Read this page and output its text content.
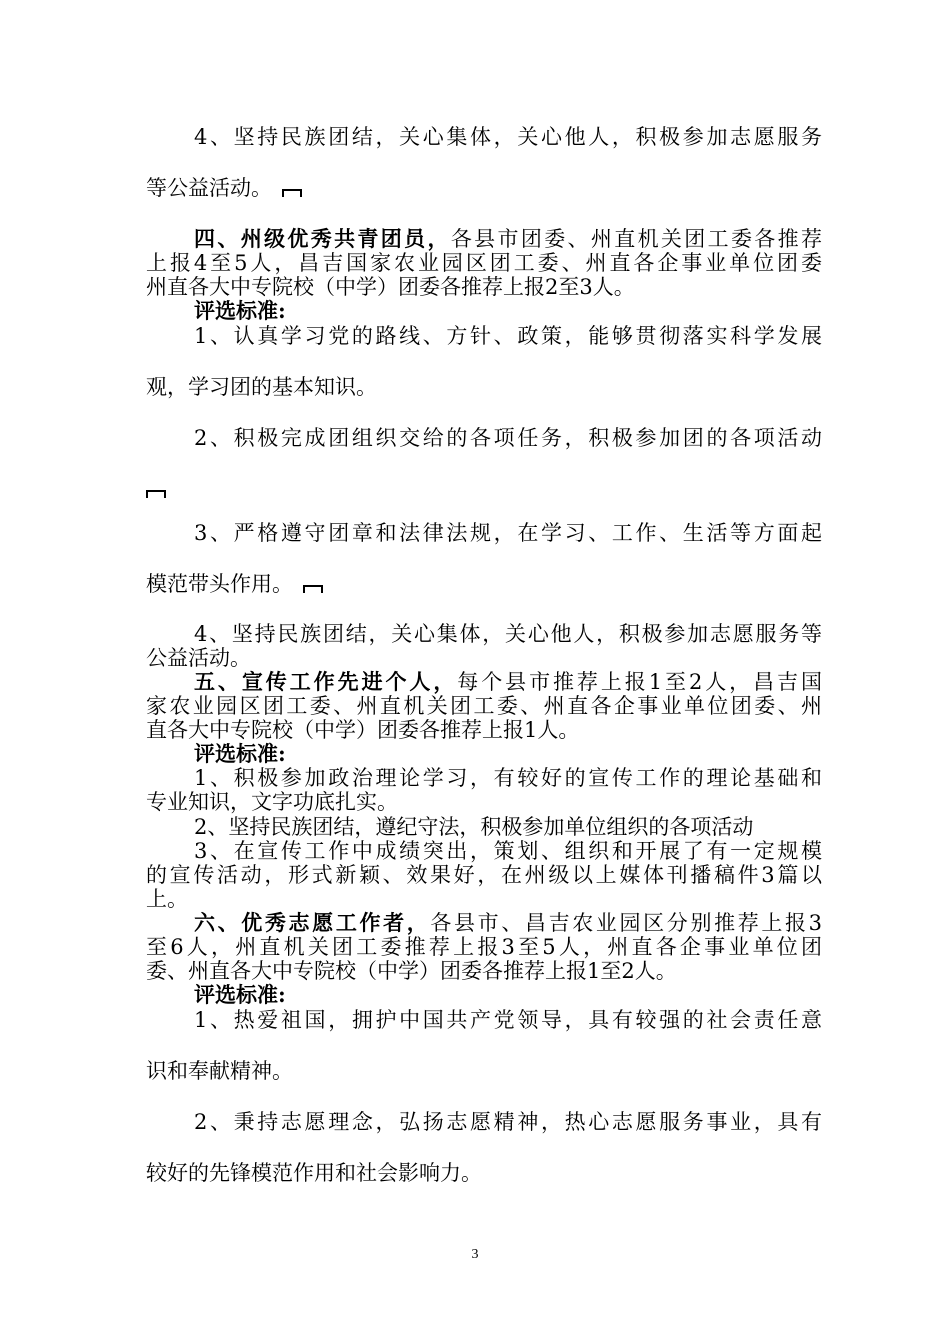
4、坚持民族团结，关心集体，关心他人，积极参加志愿服务
等公益活动。
四、州级优秀共青团员，各县市团委、州直机关团工委各推荐
上报4至5人，昌吉国家农业园区团工委、州直各企事业单位团委
州直各大中专院校（中学）团委各推荐上报2至3人。
评选标准:
1、认真学习党的路线、方针、政策，能够贯彻落实科学发展
观，学习团的基本知识。
2、积极完成团组织交给的各项任务，积极参加团的各项活动
3、严格遵守团章和法律法规，在学习、工作、生活等方面起
模范带头作用。
4、坚持民族团结，关心集体，关心他人，积极参加志愿服务等
公益活动。
五、宣传工作先进个人，每个县市推荐上报1至2人，昌吉国
家农业园区团工委、州直机关团工委、州直各企事业单位团委、州
直各大中专院校（中学）团委各推荐上报1人。
评选标准:
1、积极参加政治理论学习，有较好的宣传工作的理论基础和
专业知识，文字功底扎实。
2、坚持民族团结，遵纪守法，积极参加单位组织的各项活动
3、在宣传工作中成绩突出，策划、组织和开展了有一定规模
的宣传活动，形式新颖、效果好，在州级以上媒体刊播稿件3篇以
上。
六、优秀志愿工作者，各县市、昌吉农业园区分别推荐上报3
至6人，州直机关团工委推荐上报3至5人，州直各企事业单位团
委、州直各大中专院校（中学）团委各推荐上报1至2人。
评选标准:
1、热爱祖国，拥护中国共产党领导，具有较强的社会责任意
识和奉献精神。
2、秉持志愿理念，弘扬志愿精神，热心志愿服务事业，具有
较好的先锋模范作用和社会影响力。
3
